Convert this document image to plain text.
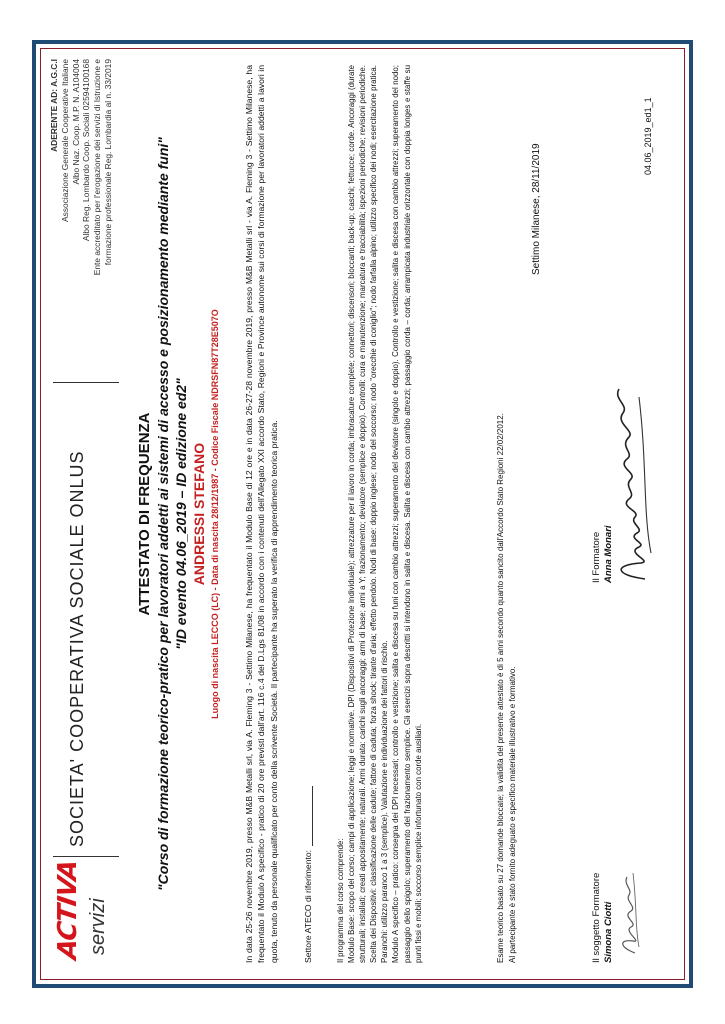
ACTIVA servizi
SOCIETA' COOPERATIVA SOCIALE ONLUS
ADERENTE AD: A.G.C.I Associazione Generale Cooperative Italiane Albo Naz. Coop. M.P. N. A104004 Albo Reg. Lombardo Coop. Sociali 02594100168 Ente accreditato per l'erogazione dei servizi di Istruzione e formazione professionale Reg. Lombardia al n. 33/2019
ATTESTATO DI FREQUENZA "Corso di formazione teorico-pratico per lavoratori addetti ai sistemi di accesso e posizionamento mediante funi" "ID evento 04.06_2019 – ID edizione ed2" ANDRESSI STEFANO Luogo di nascita LECCO (LC) - Data di nascita 28/12/1987 - Codice Fiscale NDRSFN87T28E507O	In data 25-26 novembre 2019, presso M&B Metalli srl, via A. Fleming 3 - Settimo Milanese, ha frequentato il Modulo Base di 12 ore e in data 26-27-28 novembre 2019, presso M&B Metalli srl - via A. Fleming 3 - Settimo Milanese, ha frequentato il Modulo A specifico - pratico di 20 ore previsti dall'art. 116 c.4 del D.Lgs 81/08 in accordo con i contenuti dell'Allegato XXI accordo Stato, Regioni e Province autonome sui corsi di formazione per lavoratori addetti a lavori in quota, tenuto da personale qualificato per conto della scrivente Società. Il partecipante ha superato la verifica di apprendimento teorica pratica.	Settore ATECO di riferimento:	Il programma del corso comprende: Modulo Base: scopo del corso; campi di applicazione; leggi e normative. DPI (Dispositivi di Protezione Individuale); attrezzature per il lavoro in corda; imbracature complete; connettori; discensori; bloccanti; back-up; caschi; fettucce; corde. Ancoraggi (durate strutturali; installati; creati appositamente; naturali. Armi durata: carichi sugli ancoraggi; armi di base; armi a Y; frazionamento; deviatore (semplice e doppio). Controlli: cura e manutenzione; marcatura e tracciabilità; ispezioni periodiche; revisioni periodiche. Scelta dei Dispositivi: classificazione delle cadute; fattore di caduta; forza shock; tirante d'aria; effetto pendolo. Nodi di base: doppio inglese; nodo del soccorso; nodo "orecchie di coniglio"; nodo farfalla alpino; utilizzo specifico dei nodi; esercitazione pratica. Paranchi: utilizzo paranco 1 a 3 (semplice). Valutazione e individuazione dei fattori di rischio. Modulo A specifico – pratico: consegna dei DPI necessari; controllo e vestizione; salita e discesa su funi con cambio attrezzi; superamento del deviatore (singolo e doppio). Controllo e vestizione; salita e discesa con cambio attrezzi; superamento del nodo; passaggio dello spigolo; superamento del frazionamento semplice. Gli esercizi sopra descritti si intendono in salita e discesa. Salita e discesa con cambio attrezzi; passaggio corda – corda; arrampicata industriale orizzontale con doppia longes e staffe su punti fissi e mobili; soccorso semplice infortunato con corde ausiliari.	Esame teorico basato su 27 domande bloccate; la validità del presente attestato è di 5 anni secondo quanto sancito dall'Accordo Stato Regioni 22/02/2012. Al partecipante è stato fornito adeguato e specifico materiale illustrativo e formativo.

Settimo Milanese, 28/11/2019
Il soggetto Formatore Simona Ciotti
Il Formatore Anna Monari
04.06_2019_ed1_1
